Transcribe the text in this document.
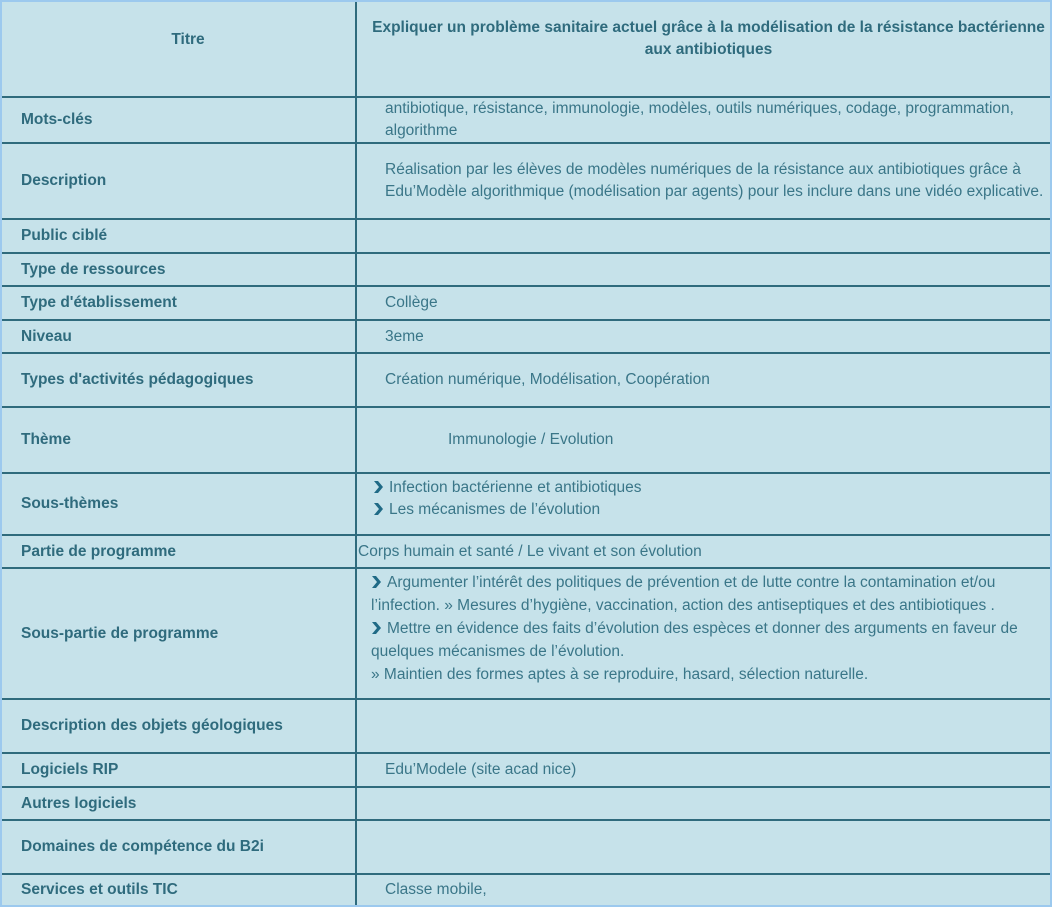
Titre	Expliquer un problème sanitaire actuel grâce à la modélisation de la résistance bactérienne aux antibiotiques
Mots-clés	antibiotique, résistance, immunologie, modèles, outils numériques, codage, programmation, algorithme
Description	Réalisation par les élèves de modèles numériques de la résistance aux antibiotiques grâce à Edu’Modèle algorithmique (modélisation par agents) pour les inclure dans une vidéo explicative.
Public ciblé	
Type de ressources	
Type d'établissement	Collège
Niveau	3eme
Types d'activités pédagogiques	Création numérique, Modélisation, Coopération
Thème	Immunologie / Evolution
Sous-thèmes	Infection bactérienne et antibiotiques
Les mécanismes de l’évolution

Partie de programme	Corps humain et santé / Le vivant et son évolution
Sous-partie de programme	Argumenter l’intérêt des politiques de prévention et de lutte contre la contamination et/ou l’infection. » Mesures d’hygiène, vaccination, action des antiseptiques et des antibiotiques .
Mettre en évidence des faits d’évolution des espèces et donner des arguments en faveur de quelques mécanismes de l’évolution.
» Maintien des formes aptes à se reproduire, hasard, sélection naturelle.

Description des objets géologiques	
Logiciels RIP	Edu’Modele (site acad nice)
Autres logiciels	
Domaines de compétence du B2i	
Services et outils TIC	Classe mobile,
